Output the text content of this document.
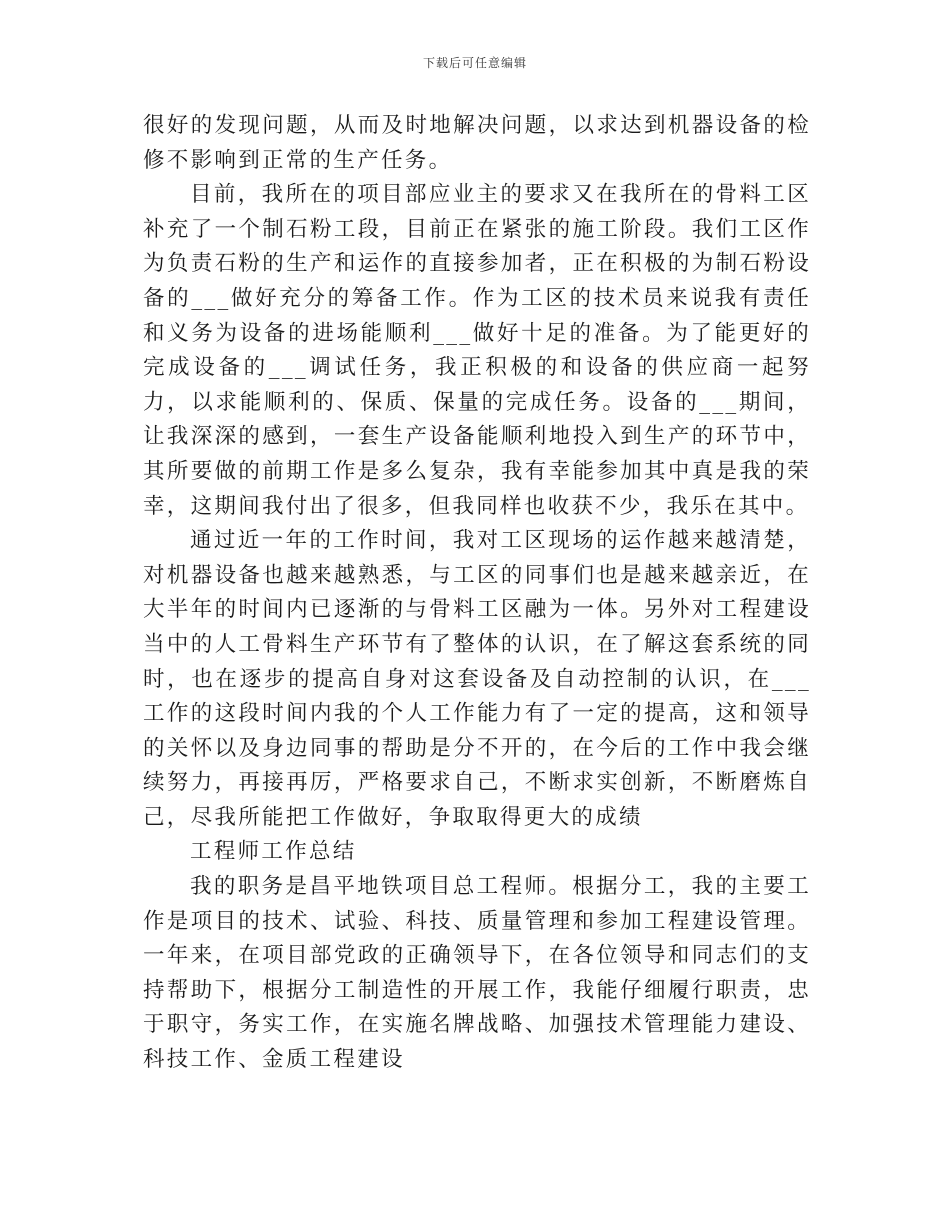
下载后可任意编辑

很好的发现问题，从而及时地解决问题，以求达到机器设备的检修不影响到正常的生产任务。

目前，我所在的项目部应业主的要求又在我所在的骨料工区补充了一个制石粉工段，目前正在紧张的施工阶段。我们工区作为负责石粉的生产和运作的直接参加者，正在积极的为制石粉设备的___做好充分的筹备工作。作为工区的技术员来说我有责任和义务为设备的进场能顺利___做好十足的准备。为了能更好的完成设备的___调试任务，我正积极的和设备的供应商一起努力，以求能顺利的、保质、保量的完成任务。设备的___期间，让我深深的感到，一套生产设备能顺利地投入到生产的环节中，其所要做的前期工作是多么复杂，我有幸能参加其中真是我的荣幸，这期间我付出了很多，但我同样也收获不少，我乐在其中。

通过近一年的工作时间，我对工区现场的运作越来越清楚，对机器设备也越来越熟悉，与工区的同事们也是越来越亲近，在大半年的时间内已逐渐的与骨料工区融为一体。另外对工程建设当中的人工骨料生产环节有了整体的认识，在了解这套系统的同时，也在逐步的提高自身对这套设备及自动控制的认识，在___工作的这段时间内我的个人工作能力有了一定的提高，这和领导的关怀以及身边同事的帮助是分不开的，在今后的工作中我会继续努力，再接再厉，严格要求自己，不断求实创新，不断磨炼自己，尽我所能把工作做好，争取取得更大的成绩

工程师工作总结

我的职务是昌平地铁项目总工程师。根据分工，我的主要工作是项目的技术、试验、科技、质量管理和参加工程建设管理。一年来，在项目部党政的正确领导下，在各位领导和同志们的支持帮助下，根据分工制造性的开展工作，我能仔细履行职责，忠于职守，务实工作，在实施名牌战略、加强技术管理能力建设、科技工作、金质工程建设
